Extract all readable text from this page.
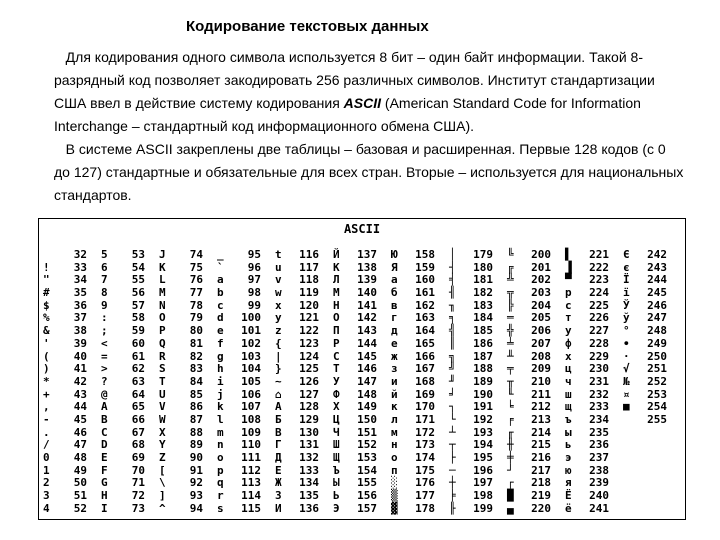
Кодирование текстовых данных

Для кодирования одного символа используется 8 бит – один байт информации. Такой 8-разрядный код позволяет закодировать 256 различных символов. Институт стандартизации США ввел в действие систему кодирования ASCII (American Standard Code for Information Interchange – стандартный код информационного обмена США).

В системе ASCII закреплены две таблицы – базовая и расширенная. Первые 128 кодов (с 0 до 127) стандартные и обязательные для всех стран. Вторые – используется для национальных стандартов.

ASCII
!
"
#
$
%
&
'
(
)
*
+
,
-
.
/
0
1
2
3
4
32
33
34
35
36
37
38
39
40
41
42
43
44
45
46
47
48
49
50
51
52
5
6
7
8
9
:
;
<
=
>
?
@
A
B
C
D
E
F
G
H
I
53
54
55
56
57
58
59
60
61
62
63
64
65
66
67
68
69
70
71
72
73
J
K
L
M
N
O
P
Q
R
S
T
U
V
W
X
Y
Z
[
\
]
^
74
75
76
77
78
79
80
81
82
83
84
85
86
87
88
89
90
91
92
93
94
_
`
a
b
c
d
e
f
g
h
i
j
k
l
m
n
o
p
q
r
s
95
96
97
98
99
100
101
102
103
104
105
106
107
108
109
110
111
112
113
114
115
t
u
v
w
x
y
z
{
|
}
~
⌂
А
Б
В
Г
Д
Е
Ж
З
И
116
117
118
119
120
121
122
123
124
125
126
127
128
129
130
131
132
133
134
135
136
Й
К
Л
М
Н
О
П
Р
С
Т
У
Ф
Х
Ц
Ч
Ш
Щ
Ъ
Ы
Ь
Э
137
138
139
140
141
142
143
144
145
146
147
148
149
150
151
152
153
154
155
156
157
Ю
Я
а
б
в
г
д
е
ж
з
и
й
к
л
м
н
о
п
░
▒
▓
158
159
160
161
162
163
164
165
166
167
168
169
170
171
172
173
174
175
176
177
178
│
┤
╡
╢
╖
╕
╣
║
╗
╝
╜
╛
┐
└
┴
┬
├
─
┼
╞
╟
179
180
181
182
183
184
185
186
187
188
189
190
191
192
193
194
195
196
197
198
199
╚
╔
╩
╦
╠
═
╬
╧
╨
╤
╥
╙
╘
╒
╓
╫
╪
┘
┌
█
▄
200
201
202
203
204
205
206
207
208
209
210
211
212
213
214
215
216
217
218
219
220
▌
▐
▀
р
с
т
у
ф
х
ц
ч
ш
щ
ъ
ы
ь
э
ю
я
Ё
ё
221
222
223
224
225
226
227
228
229
230
231
232
233
234
235
236
237
238
239
240
241
Є
є
Ї
ї
Ў
ў
°
∙
·
√
№
¤
■

242
243
244
245
246
247
248
249
250
251
252
253
254
255
